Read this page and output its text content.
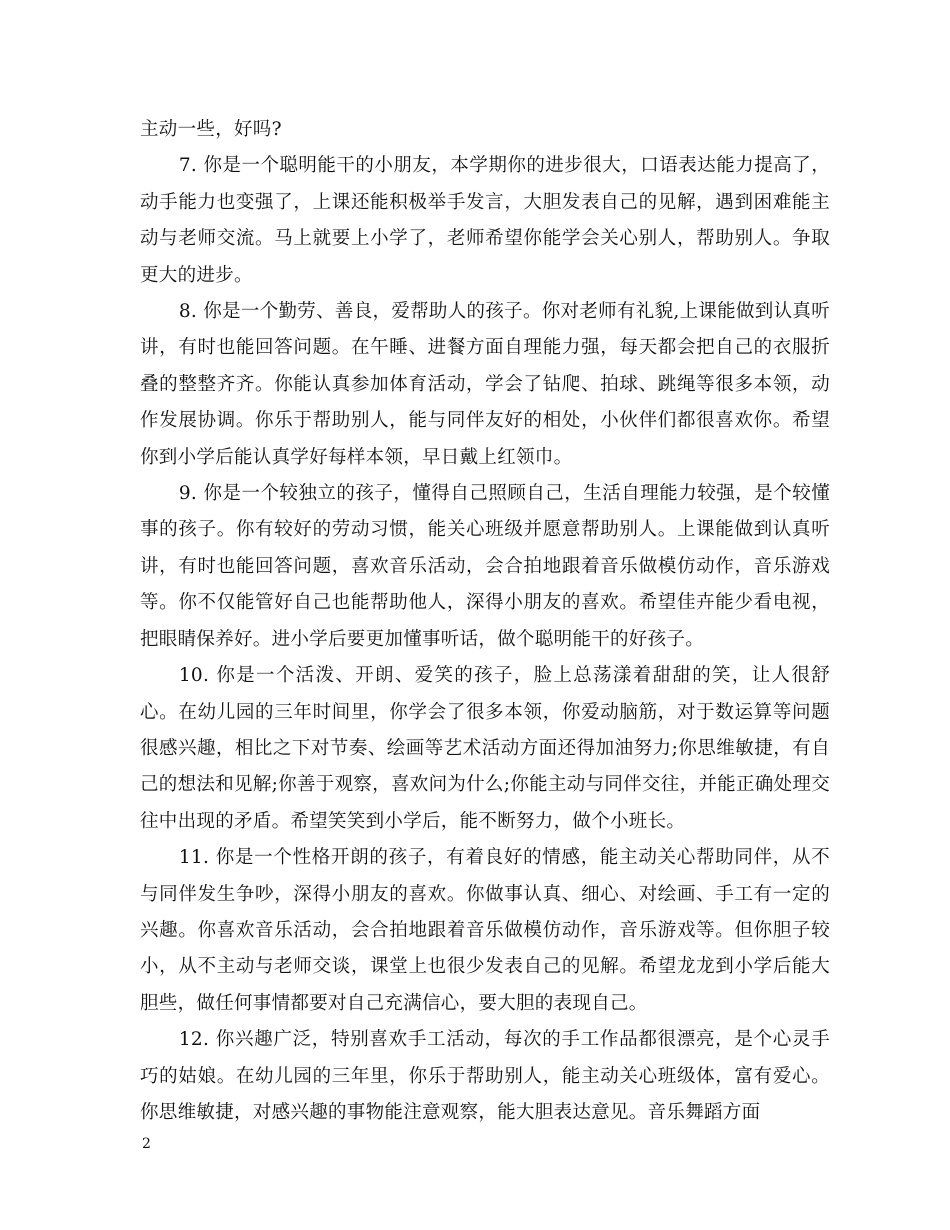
主动一些，好吗?

7. 你是一个聪明能干的小朋友，本学期你的进步很大，口语表达能力提高了，动手能力也变强了，上课还能积极举手发言，大胆发表自己的见解，遇到困难能主动与老师交流。马上就要上小学了，老师希望你能学会关心别人，帮助别人。争取更大的进步。

8. 你是一个勤劳、善良，爱帮助人的孩子。你对老师有礼貌,上课能做到认真听讲，有时也能回答问题。在午睡、进餐方面自理能力强，每天都会把自己的衣服折叠的整整齐齐。你能认真参加体育活动，学会了钻爬、拍球、跳绳等很多本领，动作发展协调。你乐于帮助别人，能与同伴友好的相处，小伙伴们都很喜欢你。希望你到小学后能认真学好每样本领，早日戴上红领巾。

9. 你是一个较独立的孩子，懂得自己照顾自己，生活自理能力较强，是个较懂事的孩子。你有较好的劳动习惯，能关心班级并愿意帮助别人。上课能做到认真听讲，有时也能回答问题，喜欢音乐活动，会合拍地跟着音乐做模仿动作，音乐游戏等。你不仅能管好自己也能帮助他人，深得小朋友的喜欢。希望佳卉能少看电视，把眼睛保养好。进小学后要更加懂事听话，做个聪明能干的好孩子。

10. 你是一个活泼、开朗、爱笑的孩子，脸上总荡漾着甜甜的笑，让人很舒心。在幼儿园的三年时间里，你学会了很多本领，你爱动脑筋，对于数运算等问题很感兴趣，相比之下对节奏、绘画等艺术活动方面还得加油努力;你思维敏捷，有自己的想法和见解;你善于观察，喜欢问为什么;你能主动与同伴交往，并能正确处理交往中出现的矛盾。希望笑笑到小学后，能不断努力，做个小班长。

11. 你是一个性格开朗的孩子，有着良好的情感，能主动关心帮助同伴，从不与同伴发生争吵，深得小朋友的喜欢。你做事认真、细心、对绘画、手工有一定的兴趣。你喜欢音乐活动，会合拍地跟着音乐做模仿动作，音乐游戏等。但你胆子较小，从不主动与老师交谈，课堂上也很少发表自己的见解。希望龙龙到小学后能大胆些，做任何事情都要对自己充满信心，要大胆的表现自己。

12. 你兴趣广泛，特别喜欢手工活动，每次的手工作品都很漂亮，是个心灵手巧的姑娘。在幼儿园的三年里，你乐于帮助别人，能主动关心班级体，富有爱心。你思维敏捷，对感兴趣的事物能注意观察，能大胆表达意见。音乐舞蹈方面

2
